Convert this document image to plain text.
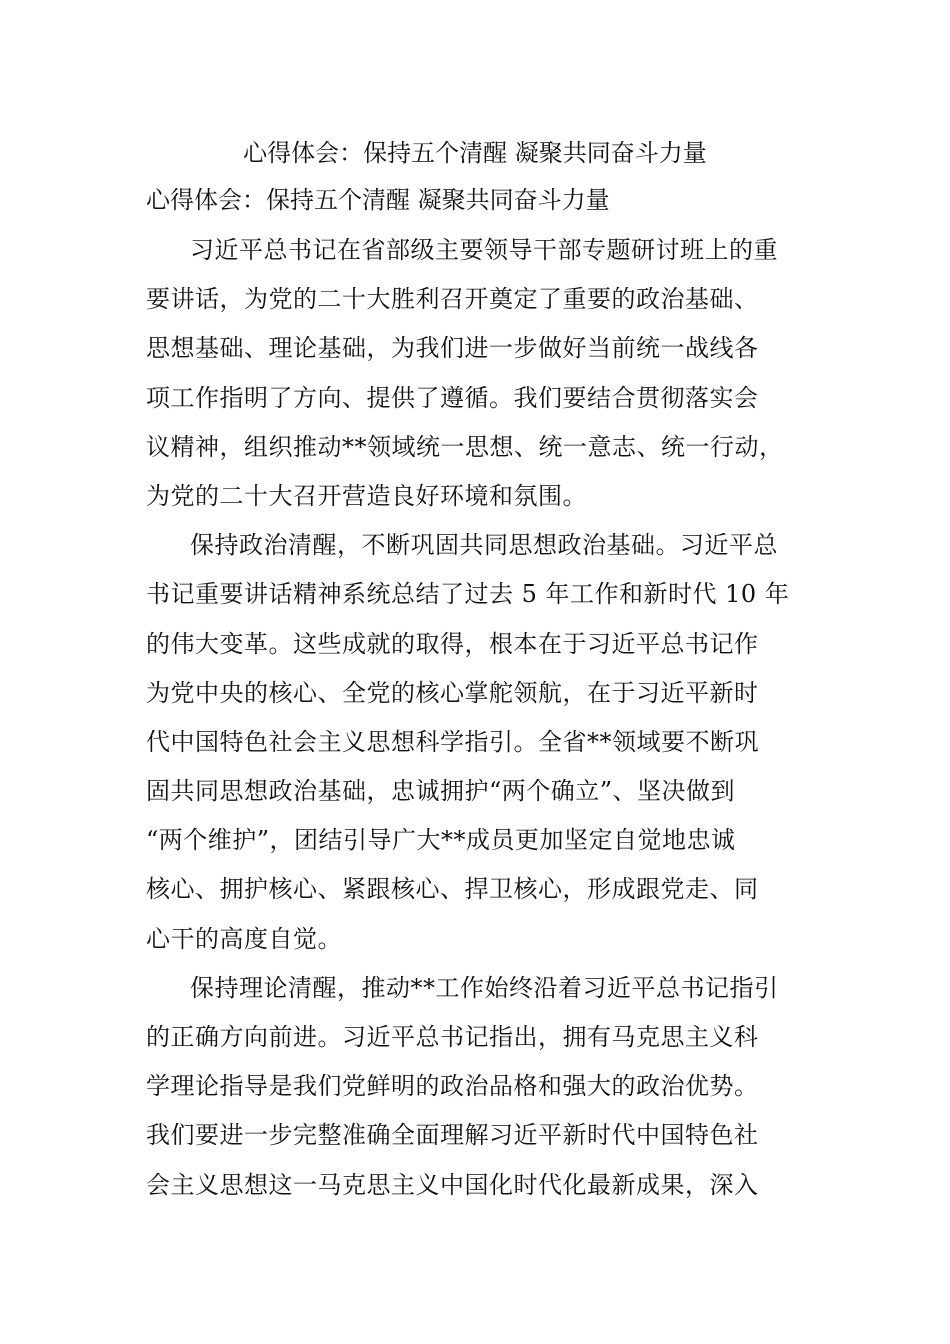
心得体会：保持五个清醒 凝聚共同奋斗力量
心得体会：保持五个清醒 凝聚共同奋斗力量
习近平总书记在省部级主要领导干部专题研讨班上的重
要讲话，为党的二十大胜利召开奠定了重要的政治基础、
思想基础、理论基础，为我们进一步做好当前统一战线各
项工作指明了方向、提供了遵循。我们要结合贯彻落实会
议精神，组织推动**领域统一思想、统一意志、统一行动，
为党的二十大召开营造良好环境和氛围。
保持政治清醒，不断巩固共同思想政治基础。习近平总
书记重要讲话精神系统总结了过去 5 年工作和新时代 10 年
的伟大变革。这些成就的取得，根本在于习近平总书记作
为党中央的核心、全党的核心掌舵领航，在于习近平新时
代中国特色社会主义思想科学指引。全省**领域要不断巩
固共同思想政治基础，忠诚拥护“两个确立”、坚决做到
“两个维护”，团结引导广大**成员更加坚定自觉地忠诚
核心、拥护核心、紧跟核心、捍卫核心，形成跟党走、同
心干的高度自觉。
保持理论清醒，推动**工作始终沿着习近平总书记指引
的正确方向前进。习近平总书记指出，拥有马克思主义科
学理论指导是我们党鲜明的政治品格和强大的政治优势。
我们要进一步完整准确全面理解习近平新时代中国特色社
会主义思想这一马克思主义中国化时代化最新成果，深入
